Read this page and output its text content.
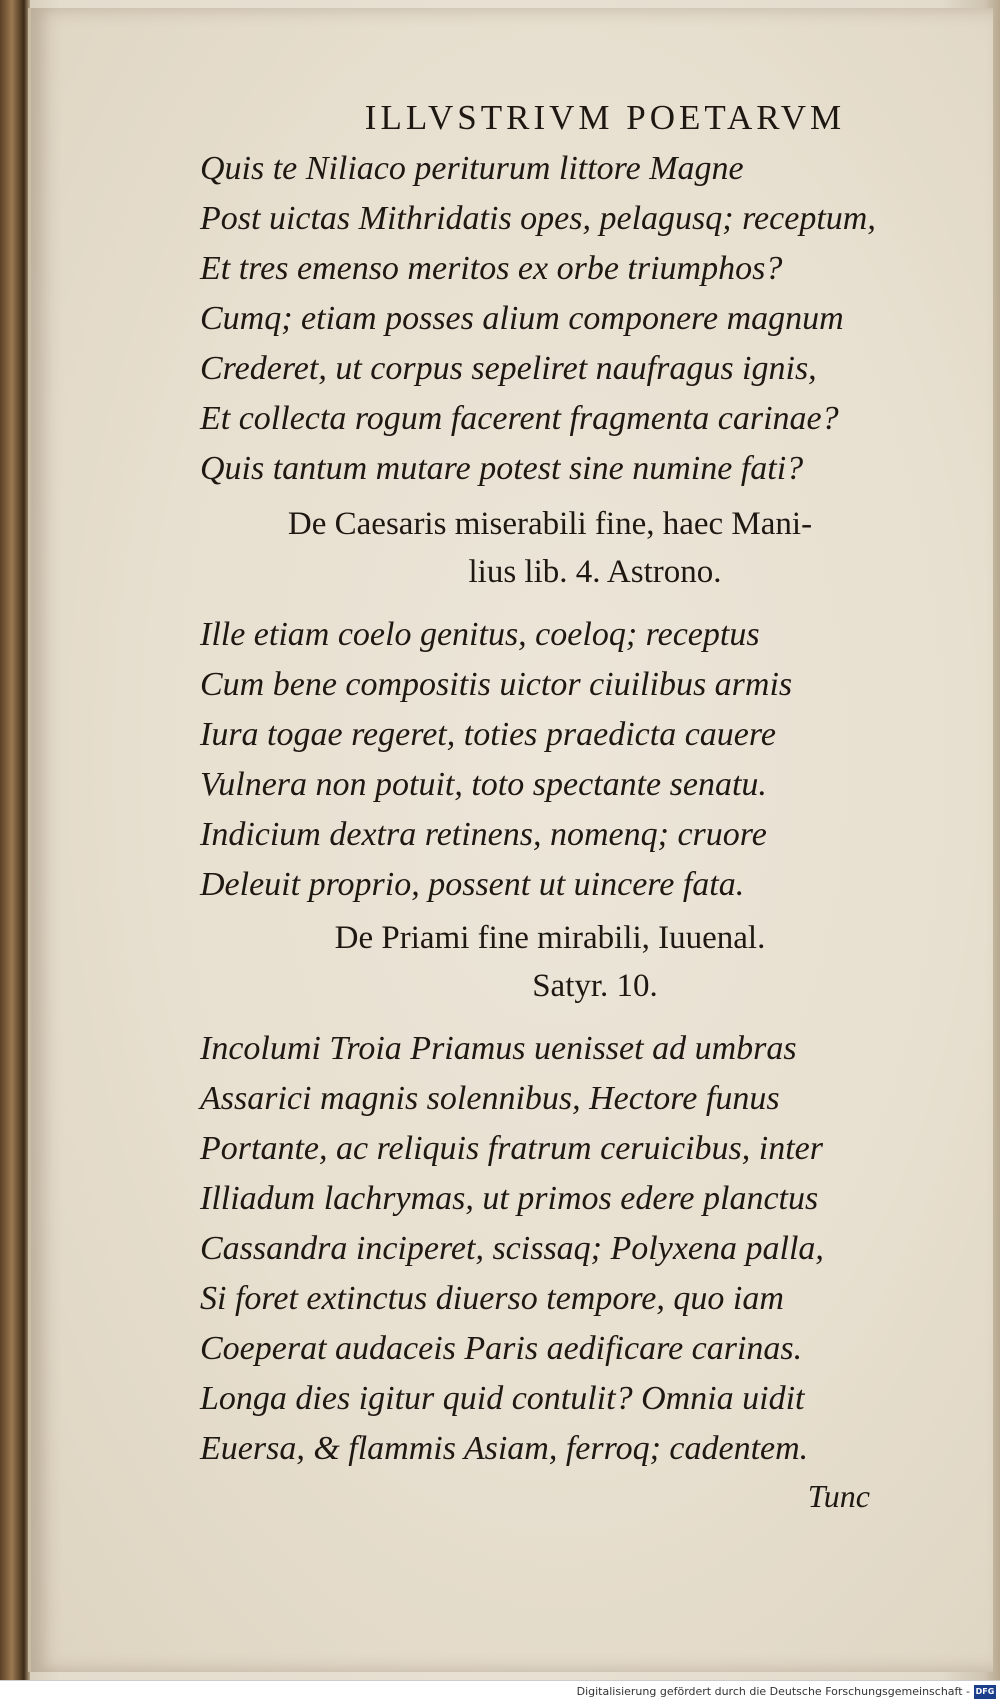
ILLVSTRIVM POETARVM

Quis te Niliaco periturum littore Magne

Post uictas Mithridatis opes, pelagusq; receptum,

Et tres emenso meritos ex orbe triumphos?

Cumq; etiam posses alium componere magnum

Crederet, ut corpus sepeliret naufragus ignis,

Et collecta rogum facerent fragmenta carinae?

Quis tantum mutare potest sine numine fati?

De Caesaris miserabili fine, haec Mani-

lius lib. 4. Astrono.

Ille etiam coelo genitus, coeloq; receptus

Cum bene compositis uictor ciuilibus armis

Iura togae regeret, toties praedicta cauere

Vulnera non potuit, toto spectante senatu.

Indicium dextra retinens, nomenq; cruore

Deleuit proprio, possent ut uincere fata.

De Priami fine mirabili, Iuuenal.

Satyr. 10.

Incolumi Troia Priamus uenisset ad umbras

Assarici magnis solennibus, Hectore funus

Portante, ac reliquis fratrum ceruicibus, inter

Illiadum lachrymas, ut primos edere planctus

Cassandra inciperet, scissaq; Polyxena palla,

Si foret extinctus diuerso tempore, quo iam

Coeperat audaceis Paris aedificare carinas.

Longa dies igitur quid contulit? Omnia uidit

Euersa, & flammis Asiam, ferroq; cadentem.

Tunc
Digitalisierung gefördert durch die Deutsche Forschungsgemeinschaft - DFG
